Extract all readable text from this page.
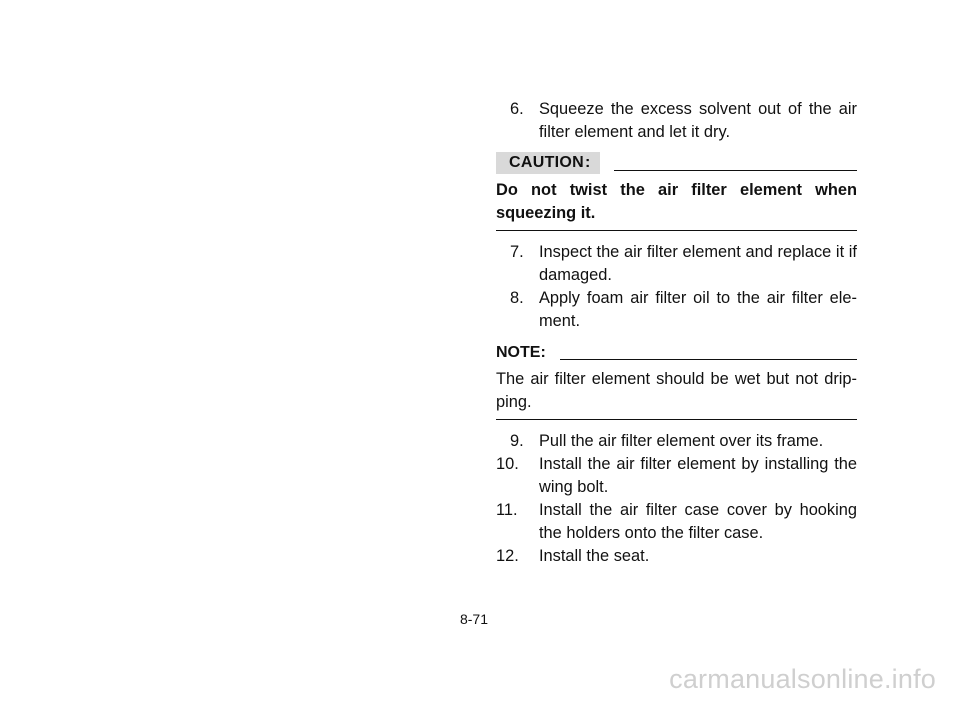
6. Squeeze the excess solvent out of the air filter element and let it dry.
CAUTION:
Do not twist the air filter element when squeezing it.
7. Inspect the air filter element and replace it if damaged.
8. Apply foam air filter oil to the air filter ele-ment.
NOTE:
The air filter element should be wet but not drip-ping.
9. Pull the air filter element over its frame.
10.	Install the air filter element by installing the wing bolt.
11.	Install the air filter case cover by hooking the holders onto the filter case.
12.	Install the seat.
8-71
carmanualsonline.info
